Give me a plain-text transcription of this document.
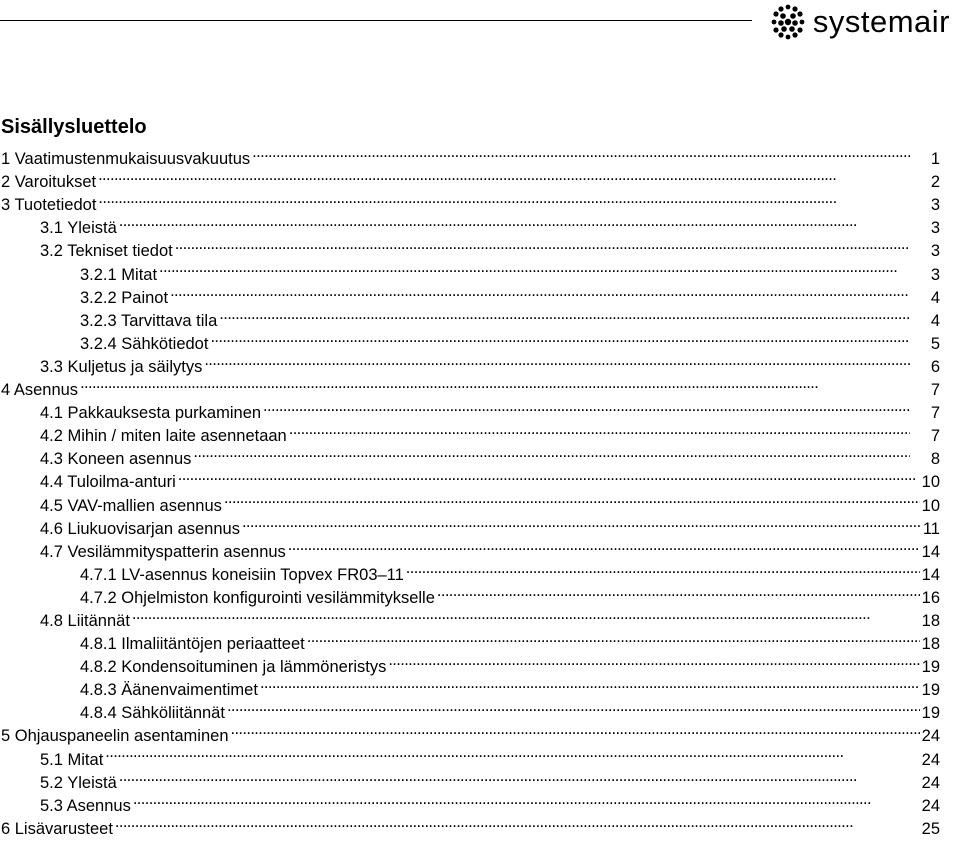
systemair
Sisällysluettelo
1 Vaatimustenmukaisuusvakuutus . . .	1
2 Varoitukset . . .	2
3 Tuotetiedot . . .	3
3.1 Yleistä . . .	3
3.2 Tekniset tiedot . . .	3
3.2.1 Mitat . . .	3
3.2.2 Painot . . .	4
3.2.3 Tarvittava tila . . .	4
3.2.4 Sähkötiedot . . .	5
3.3 Kuljetus ja säilytys . . .	6
4 Asennus . . .	7
4.1 Pakkauksesta purkaminen . . .	7
4.2 Mihin / miten laite asennetaan . . .	7
4.3 Koneen asennus . . .	8
4.4 Tuloilma-anturi . . .	10
4.5 VAV-mallien asennus . . .	10
4.6 Liukuovisarjan asennus . . .	11
4.7 Vesilämmityspatterin asennus . . .	14
4.7.1 LV-asennus koneisiin Topvex FR03–11 . . .	14
4.7.2 Ohjelmiston konfigurointi vesilämmitykselle . . .	16
4.8 Liitännät . . .	18
4.8.1 Ilmaliitäntöjen periaatteet . . .	18
4.8.2 Kondensoituminen ja lämmöneristys . . .	19
4.8.3 Äänenvaimentimet . . .	19
4.8.4 Sähköliitännät . . .	19
5 Ohjauspaneelin asentaminen . . .	24
5.1 Mitat . . .	24
5.2 Yleistä . . .	24
5.3 Asennus . . .	24
6 Lisävarusteet . . .	25
